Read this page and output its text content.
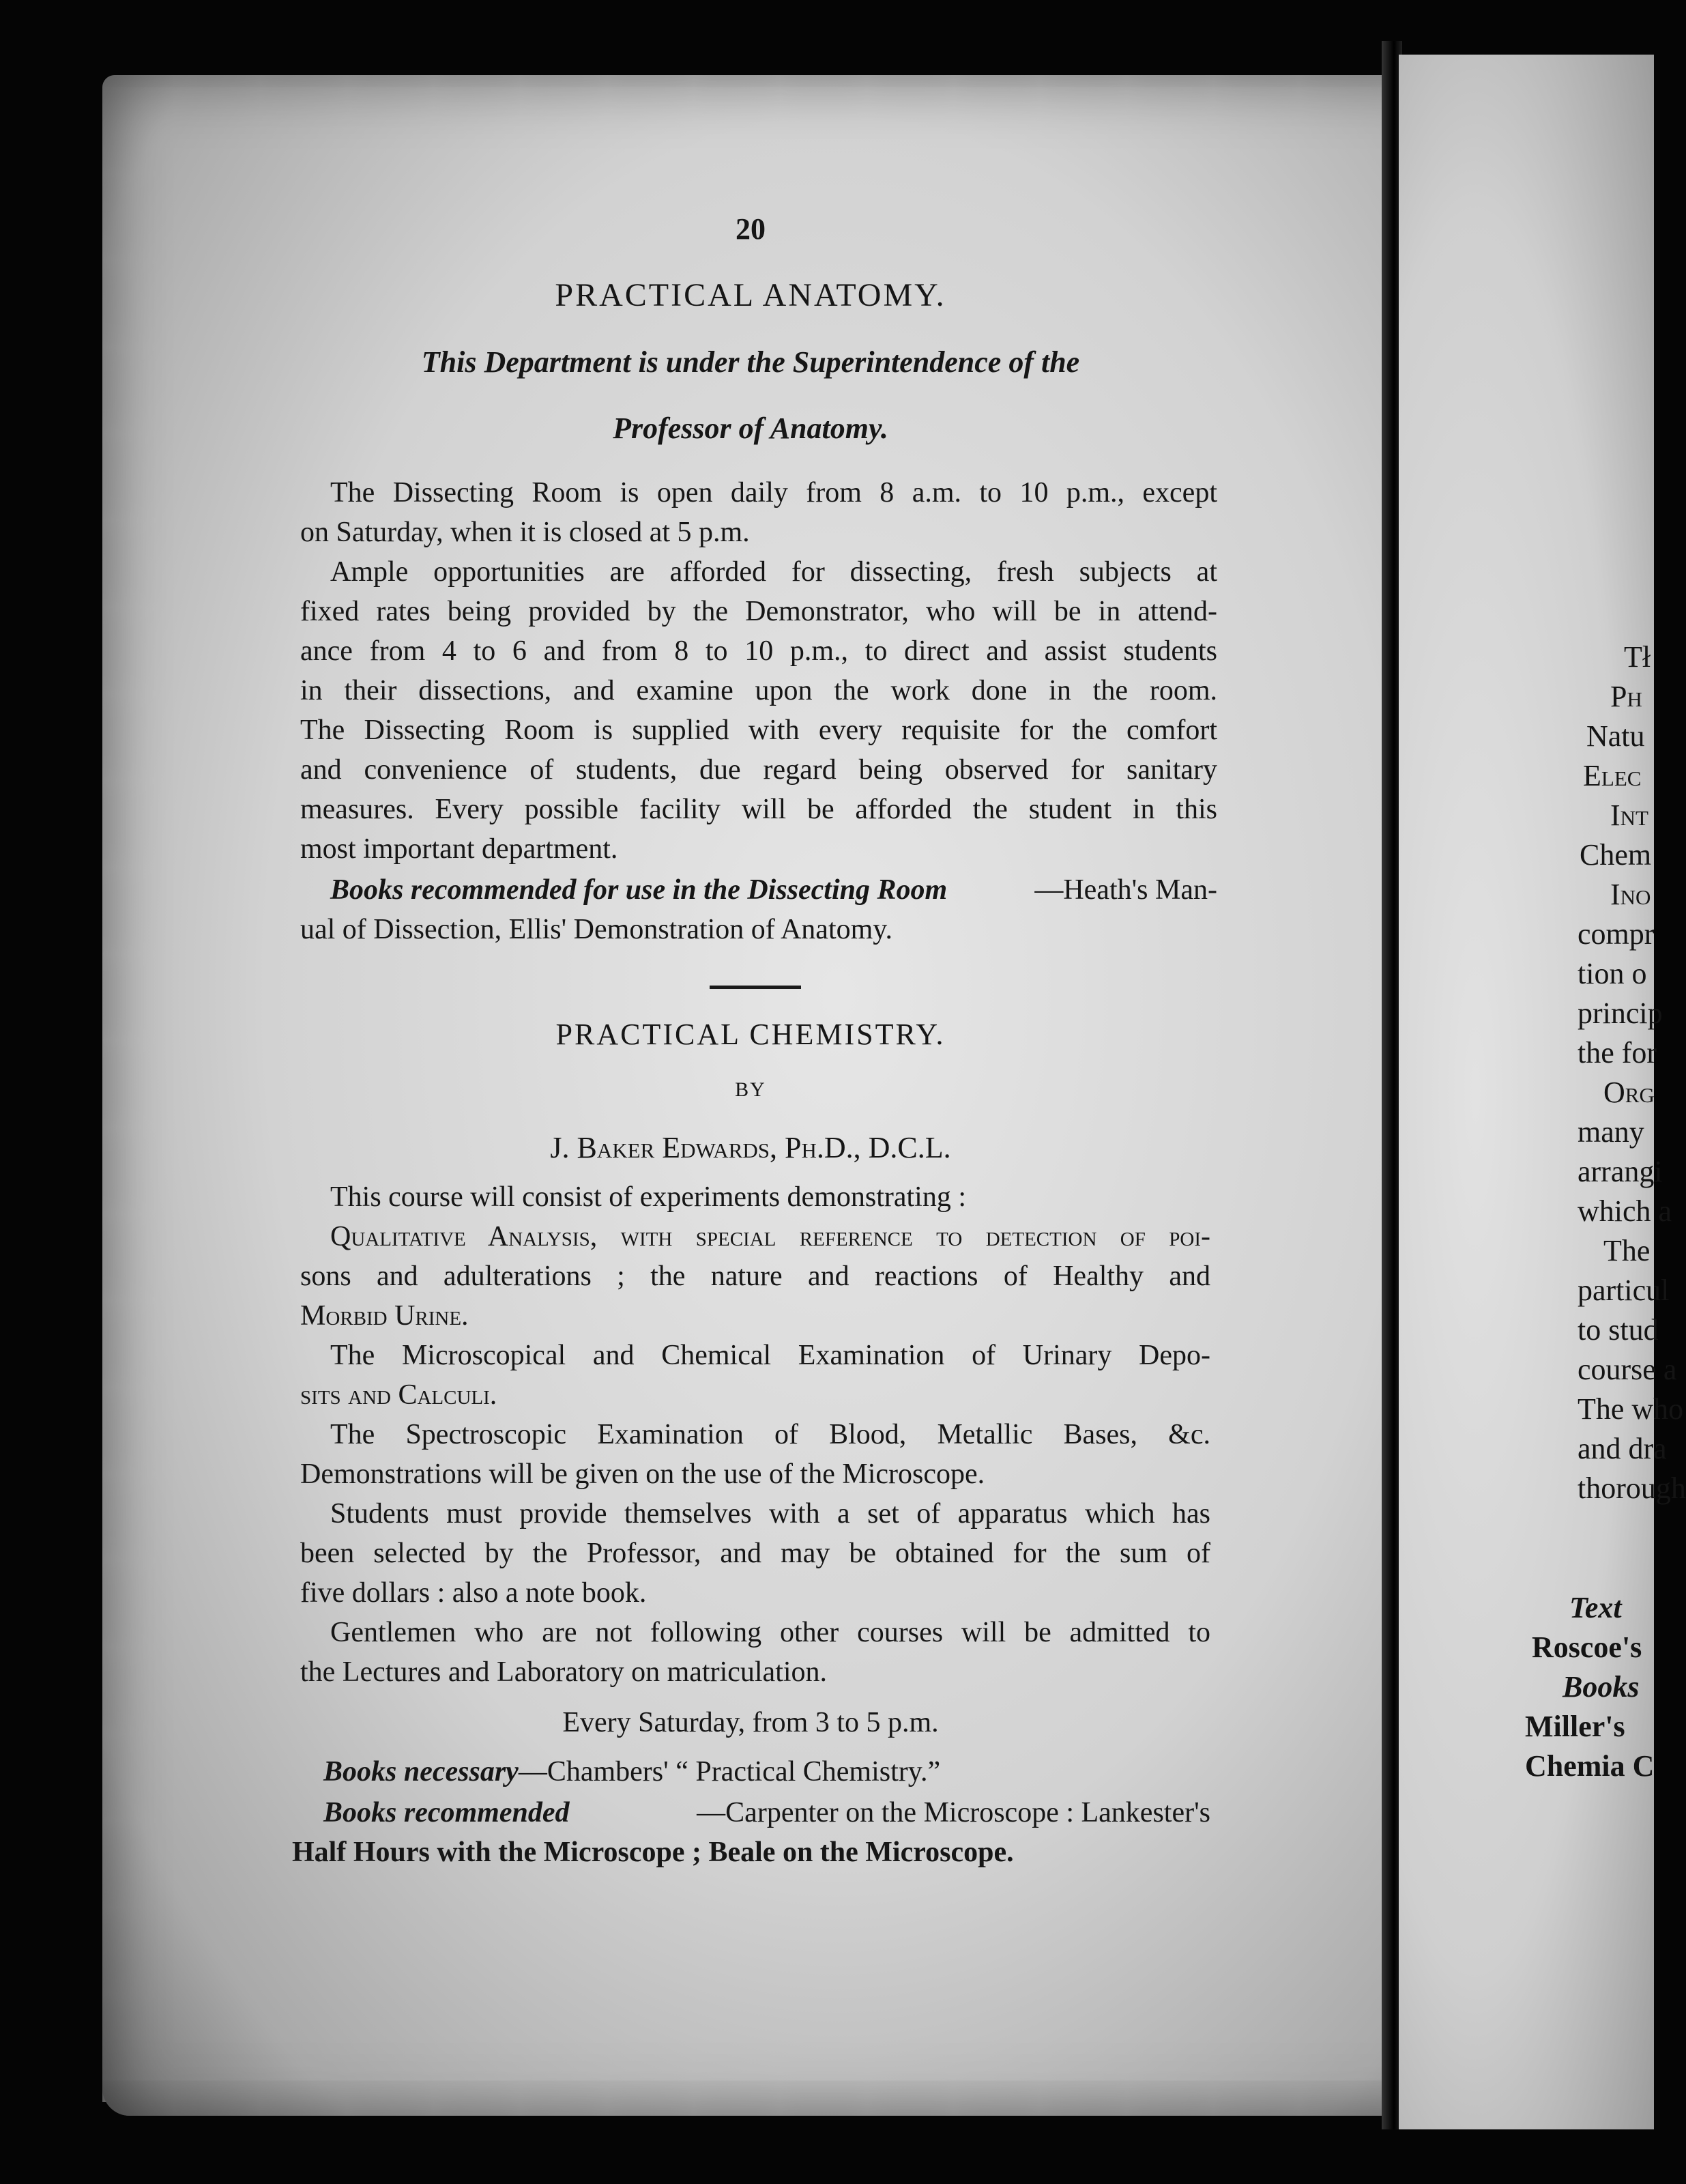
20
PRACTICAL ANATOMY.
This Department is under the Superintendence of the
Professor of Anatomy.
The Dissecting Room is open daily from 8 a.m. to 10 p.m., except
on Saturday, when it is closed at 5 p.m.
Ample opportunities are afforded for dissecting, fresh subjects at
fixed rates being provided by the Demonstrator, who will be in attend-
ance from 4 to 6 and from 8 to 10 p.m., to direct and assist students
in their dissections, and examine upon the work done in the room.
The Dissecting Room is supplied with every requisite for the comfort
and convenience of students, due regard being observed for sanitary
measures. Every possible facility will be afforded the student in this
most important department.
Books recommended for use in the Dissecting Room	—Heath's Man-
ual of Dissection, Ellis' Demonstration of Anatomy.
PRACTICAL CHEMISTRY.
BY
J. Baker Edwards, Ph.D., D.C.L.
This course will consist of experiments demonstrating :
Qualitative Analysis, with special reference to detection of poi-
sons and adulterations ; the nature and reactions of Healthy and
Morbid Urine.
The Microscopical and Chemical Examination of Urinary Depo-
sits and Calculi.
The Spectroscopic Examination of Blood, Metallic Bases, &c.
Demonstrations will be given on the use of the Microscope.
Students must provide themselves with a set of apparatus which has
been selected by the Professor, and may be obtained for the sum of
five dollars : also a note book.
Gentlemen who are not following other courses will be admitted to
the Lectures and Laboratory on matriculation.
Every Saturday, from 3 to 5 p.m.
Books necessary—Chambers' “ Practical Chemistry.”
Books recommended	—Carpenter on the Microscope : Lankester's
Half Hours with the Microscope ; Beale on the Microscope.
Tł
Pн
Natu
Elec
Int
Chem
Ino
compr
tion o
princip
the for
Org
many
arrangi
which a
The
particul
to stud
course a
The who
and dra
thorough
Text
Roscoe's
Books
Miller's
Chemia C
